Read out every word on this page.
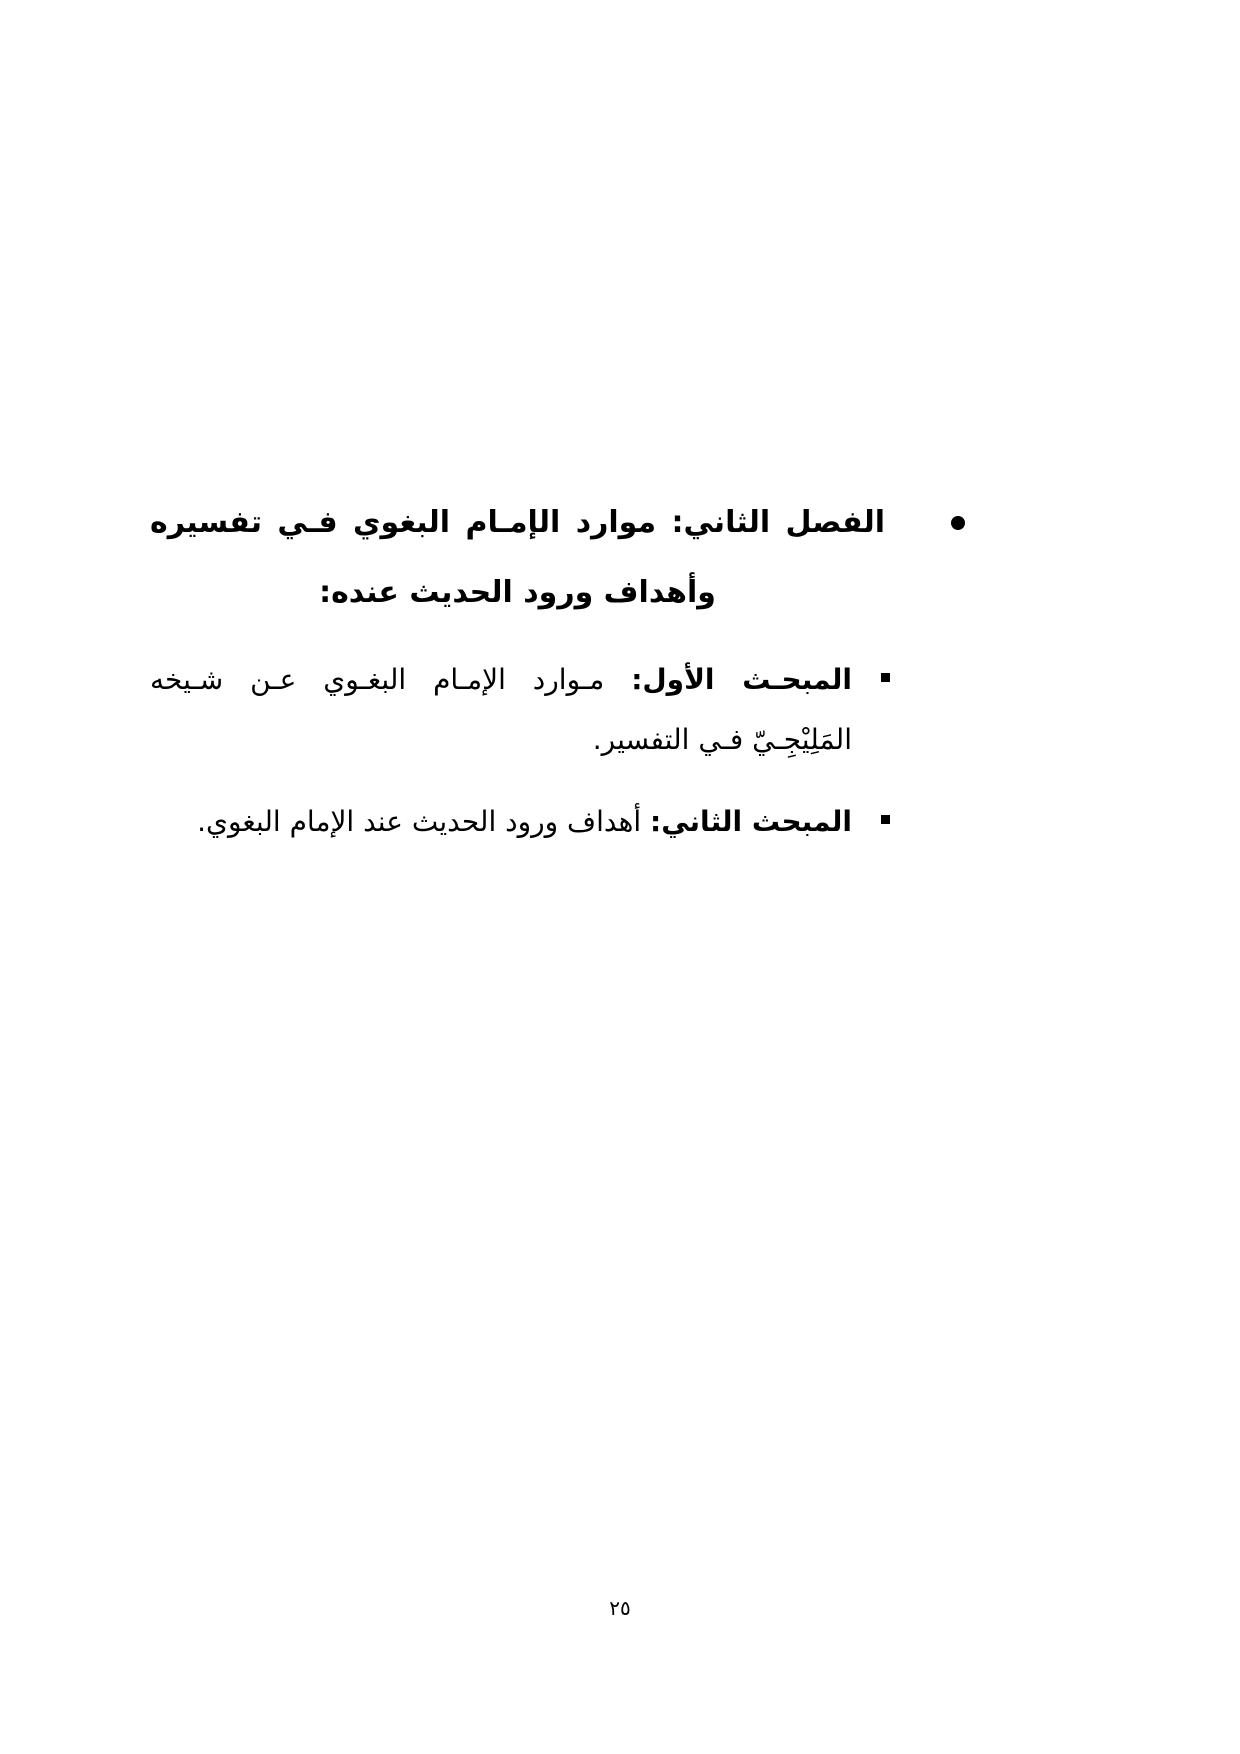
الفصل الثاني: موارد الإمـام البغوي فـي تفسيره وأهداف ورود الحديث عنده:

المبحـث الأول: مـوارد الإمـام البغـوي عـن شـيخه المَلِيْجِـيّ فـي التفسير.
المبحث الثاني: أهداف ورود الحديث عند الإمام البغوي.
٢٥
